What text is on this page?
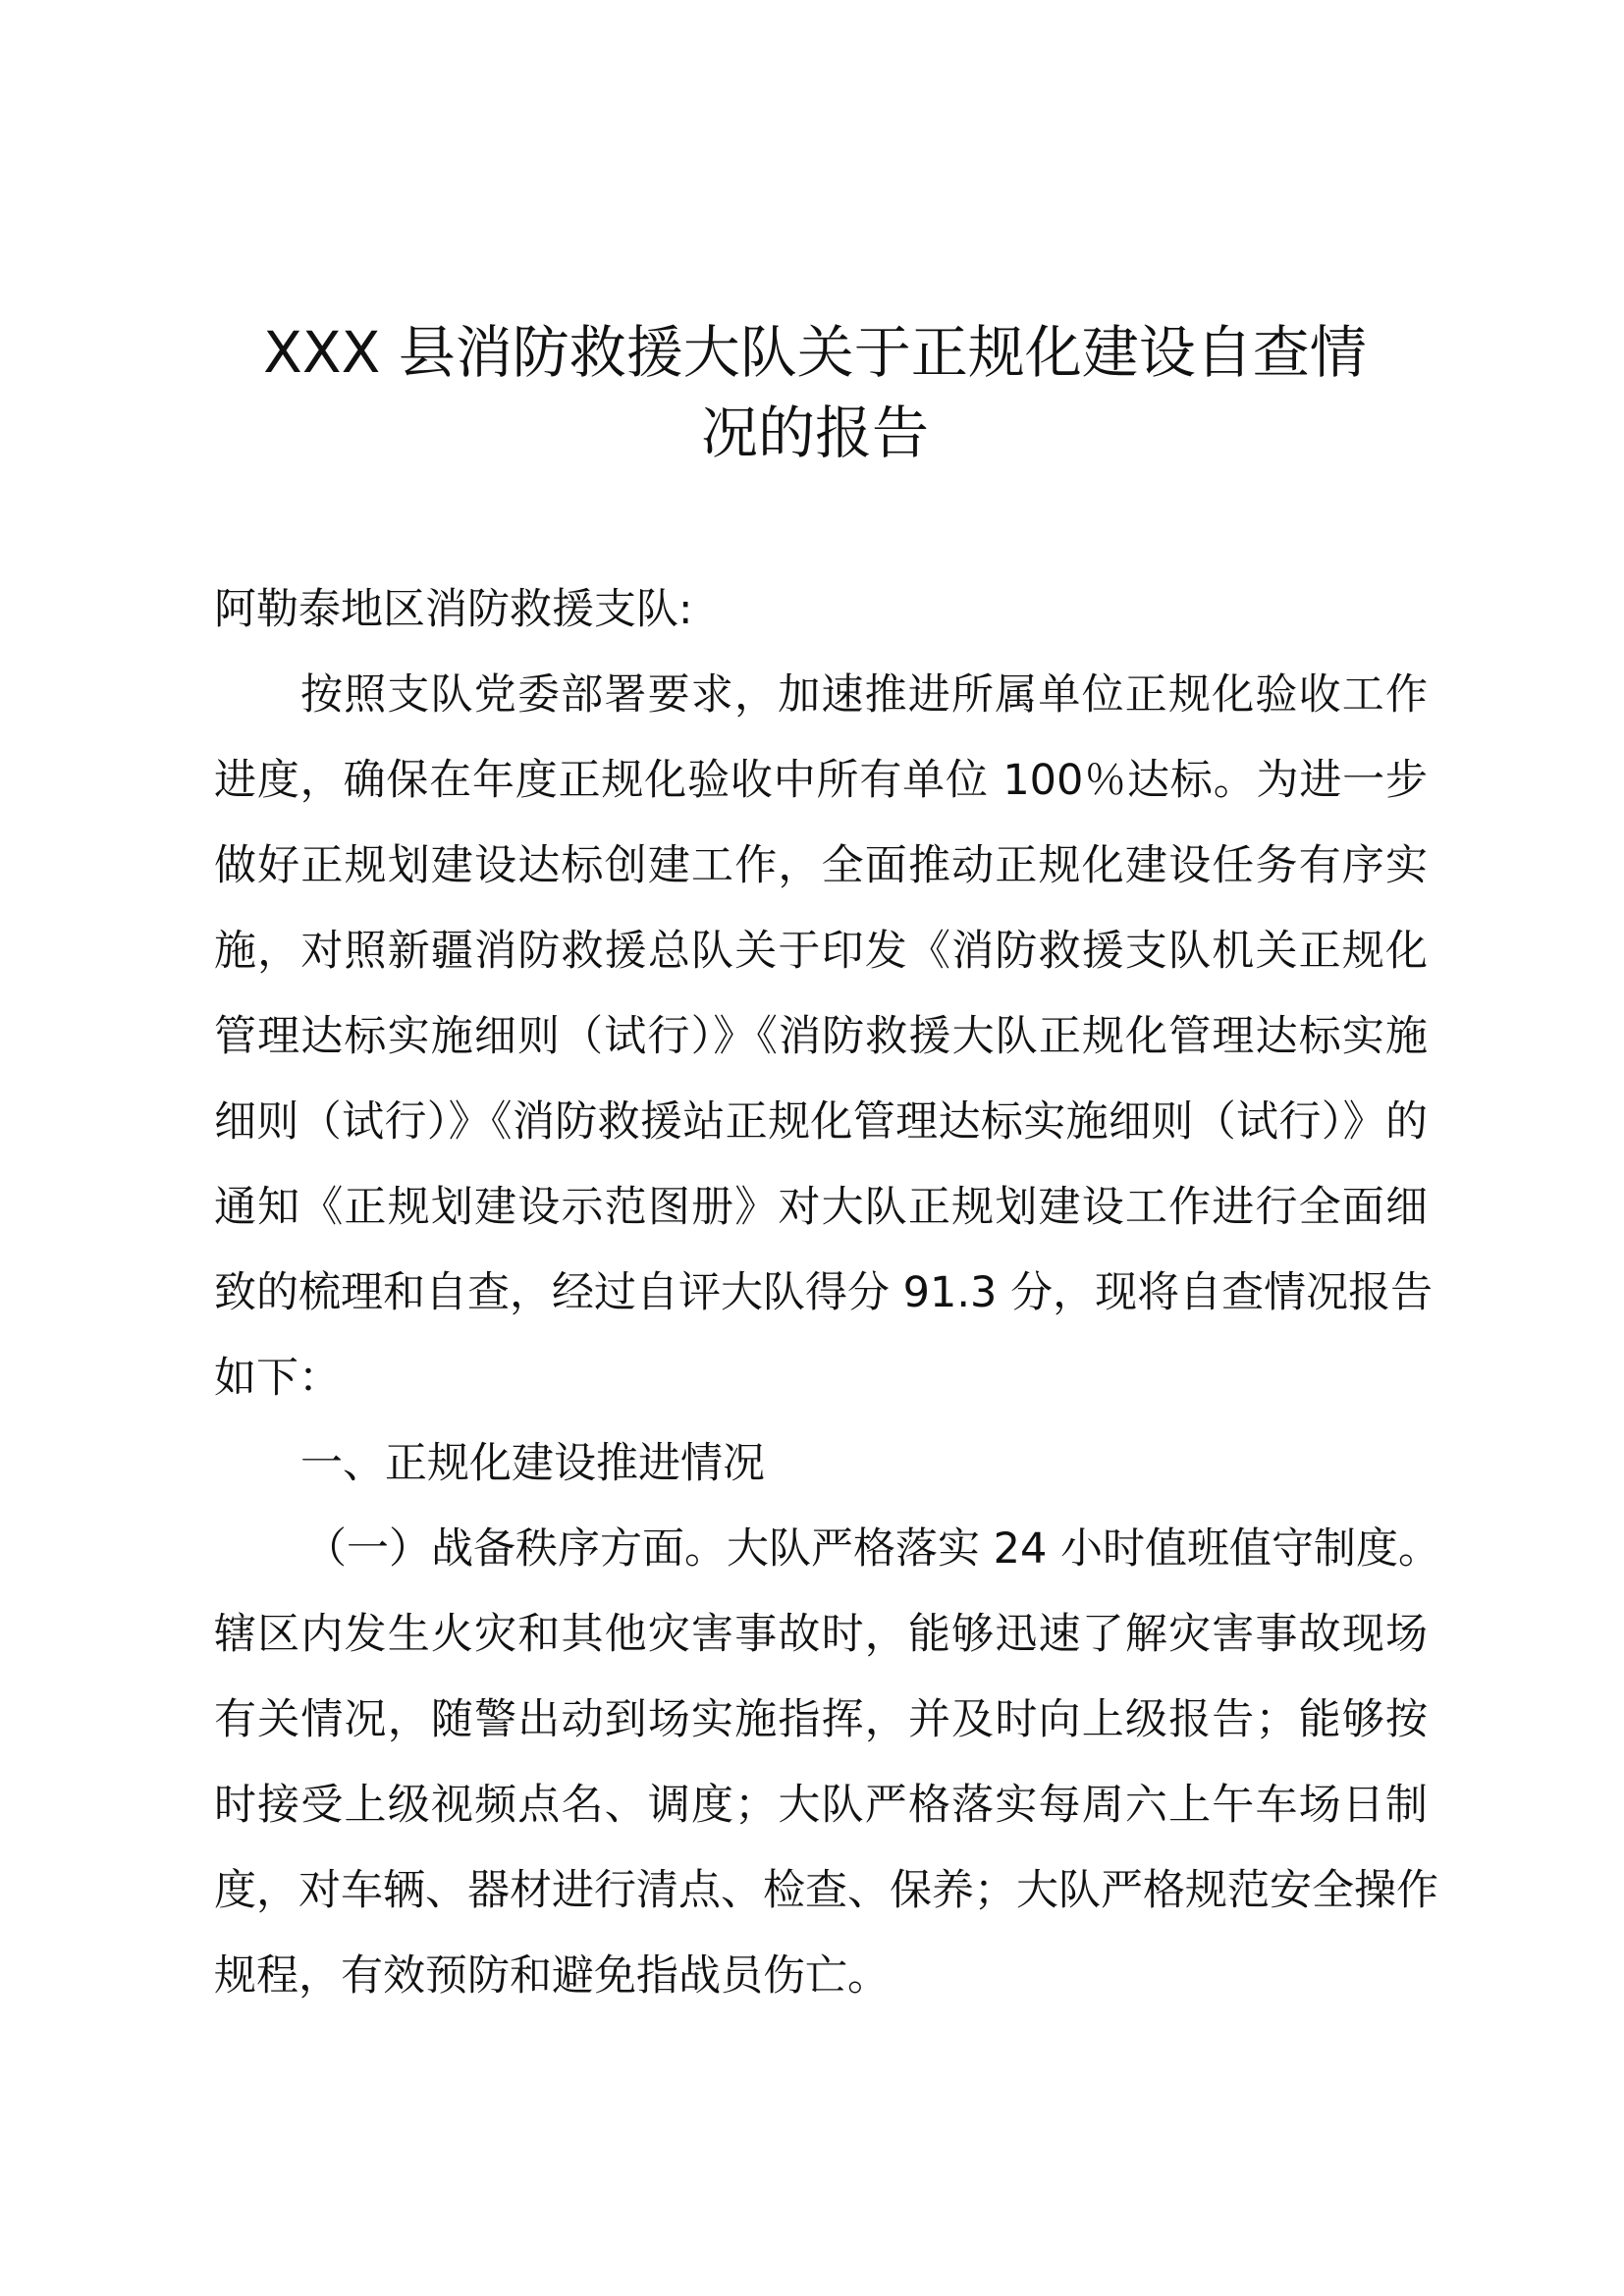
XXX 县消防救援大队关于正规化建设自查情
况的报告
阿勒泰地区消防救援支队:
按照支队党委部署要求，加速推进所属单位正规化验收工作
进度，确保在年度正规化验收中所有单位 100％达标。为进一步
做好正规划建设达标创建工作，全面推动正规化建设任务有序实
施，对照新疆消防救援总队关于印发《消防救援支队机关正规化
管理达标实施细则（试行）》《消防救援大队正规化管理达标实施
细则（试行）》《消防救援站正规化管理达标实施细则（试行）》的
通知《正规划建设示范图册》对大队正规划建设工作进行全面细
致的梳理和自查，经过自评大队得分 91.3 分，现将自查情况报告
如下：
一、正规化建设推进情况
（一）战备秩序方面。大队严格落实 24 小时值班值守制度。
辖区内发生火灾和其他灾害事故时，能够迅速了解灾害事故现场
有关情况，随警出动到场实施指挥，并及时向上级报告；能够按
时接受上级视频点名、调度；大队严格落实每周六上午车场日制
度，对车辆、器材进行清点、检查、保养；大队严格规范安全操作
规程，有效预防和避免指战员伤亡。
